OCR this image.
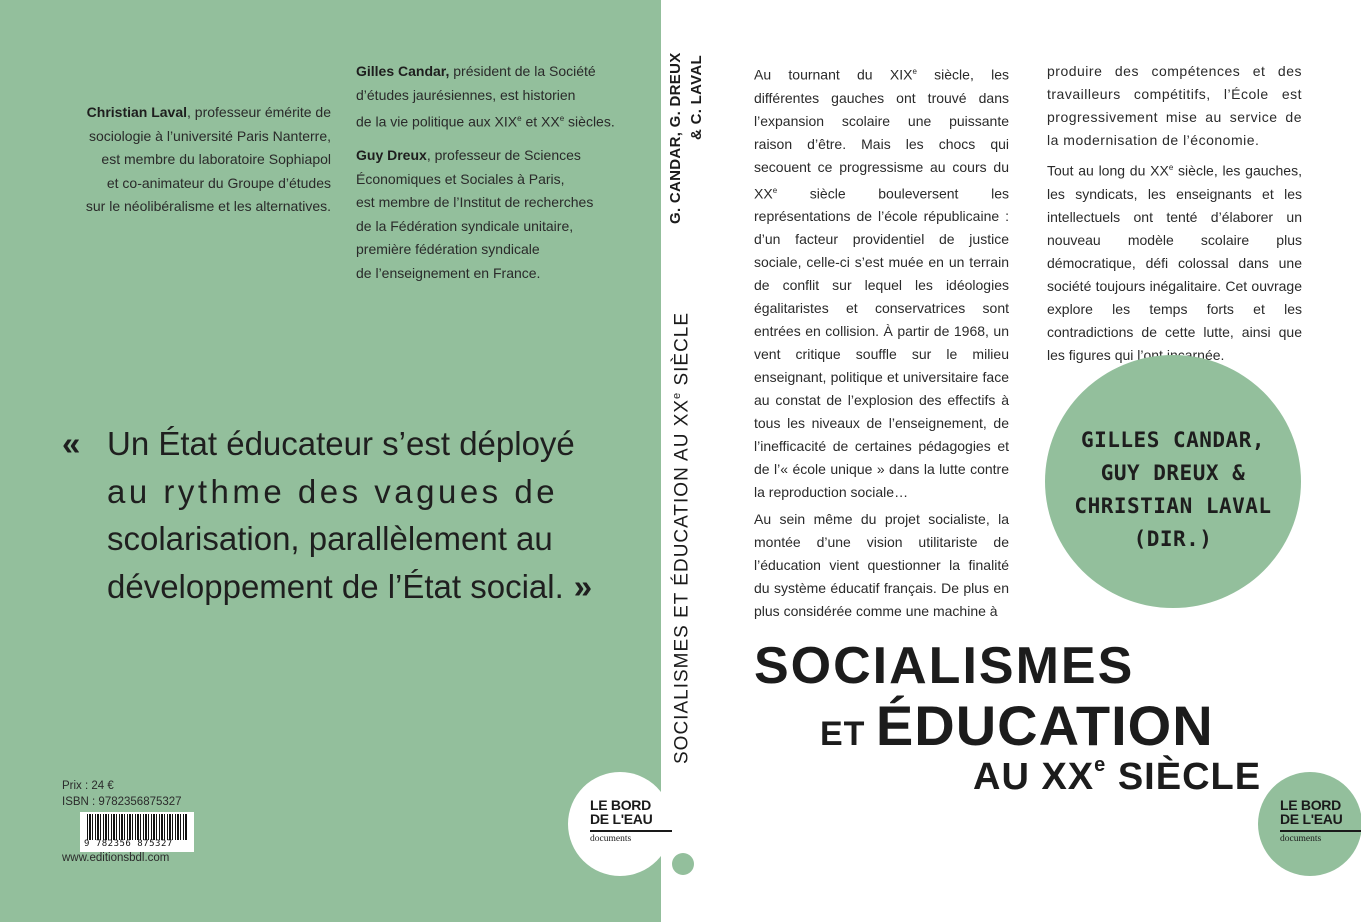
Christian Laval, professeur émérite de
sociologie à l’université Paris Nanterre,
est membre du laboratoire Sophiapol
et co-animateur du Groupe d’études
sur le néolibéralisme et les alternatives.

Gilles Candar, président de la Société
d’études jaurésiennes, est historien
de la vie politique aux XIXe et XXe siècles.

Guy Dreux, professeur de Sciences
Économiques et Sociales à Paris,
est membre de l’Institut de recherches
de la Fédération syndicale unitaire,
première fédération syndicale
de l’enseignement en France.

« Un État éducateur s’est déployé
au rythme des vagues de
scolarisation, parallèlement au
développement de l’État social. »
Prix : 24 €
ISBN : 9782356875327
9 782356 875327
www.editionsbdl.com
LE BORD
DE L'EAU
documents
G. CANDAR, G. DREUX & C. LAVAL
SOCIALISMES ET ÉDUCATION AU XXe SIÈCLE

Au tournant du XIXe siècle, les différentes gauches ont trouvé dans l’expansion scolaire une puissante raison d’être. Mais les chocs qui secouent ce progressisme au cours du XXe siècle bouleversent les représentations de l’école républicaine : d’un facteur providentiel de justice sociale, celle-ci s’est muée en un terrain de conflit sur lequel les idéologies égalitaristes et conservatrices sont entrées en collision. À partir de 1968, un vent critique souffle sur le milieu enseignant, politique et universitaire face au constat de l’explosion des effectifs à tous les niveaux de l’enseignement, de l’inefficacité de certaines pédagogies et de l’« école unique » dans la lutte contre la reproduction sociale…

Au sein même du projet socialiste, la montée d’une vision utilitariste de l’éducation vient questionner la finalité du système éducatif français. De plus en plus considérée comme une machine à

produire des compétences et des travailleurs compétitifs, l’École est progressivement mise au service de la modernisation de l’économie.

Tout au long du XXe siècle, les gauches, les syndicats, les enseignants et les intellectuels ont tenté d’élaborer un nouveau modèle scolaire plus démocratique, défi colossal dans une société toujours inégalitaire. Cet ouvrage explore les temps forts et les contradictions de cette lutte, ainsi que les figures qui l’ont incarnée.

GILLES CANDAR,
GUY DREUX &
CHRISTIAN LAVAL
(DIR.)
SOCIALISMES
ET ÉDUCATION
AU XXe SIÈCLE
LE BORD
DE L'EAU
documents
